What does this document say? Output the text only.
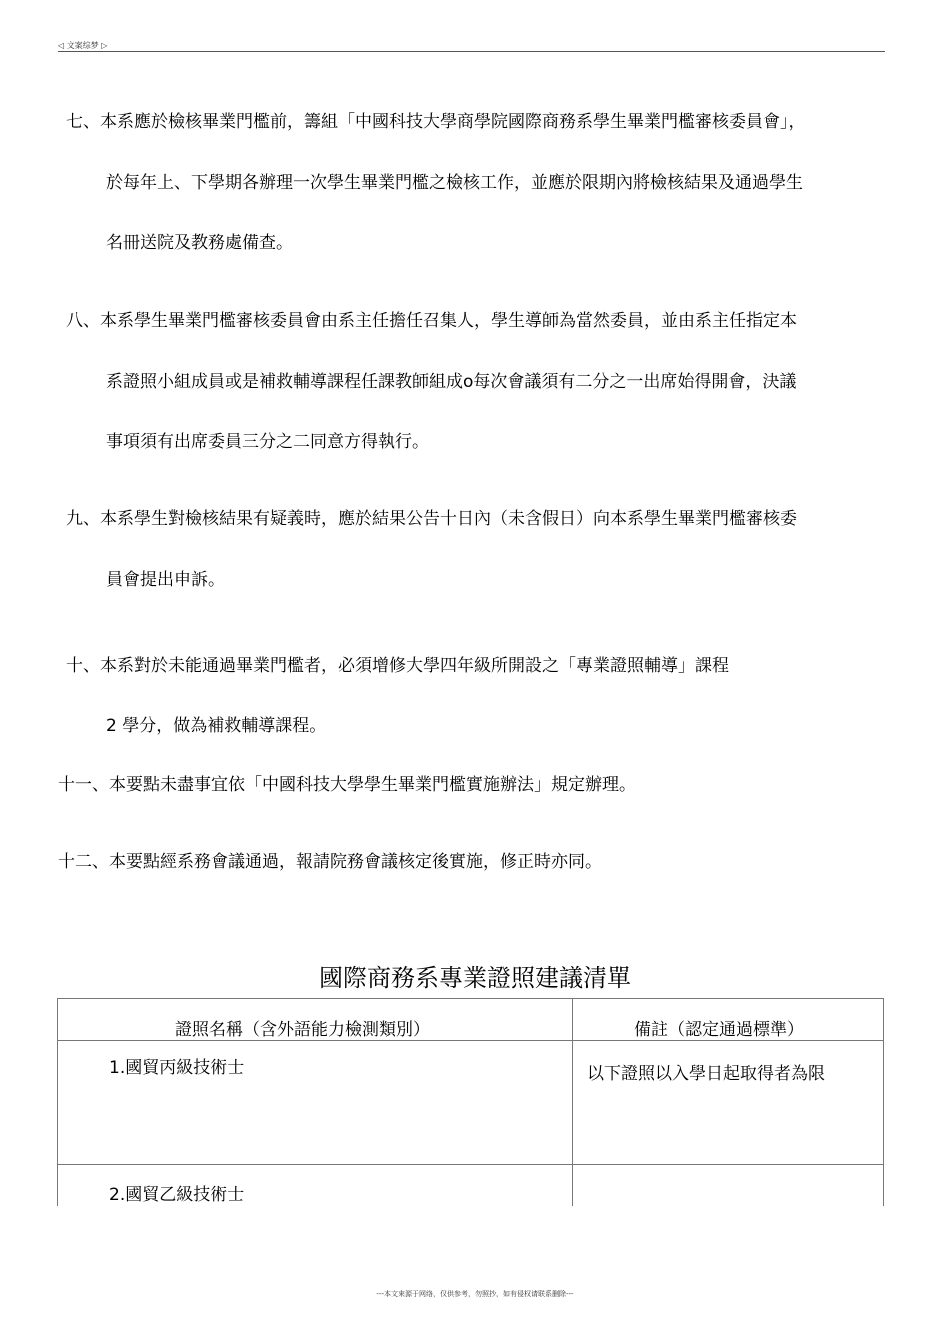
◁ 文案综梦 ▷
七、本系應於檢核畢業門檻前，籌組「中國科技大學商學院國際商務系學生畢業門檻審核委員會」，
於每年上、下學期各辦理一次學生畢業門檻之檢核工作，並應於限期內將檢核結果及通過學生
名冊送院及教務處備查。
八、本系學生畢業門檻審核委員會由系主任擔任召集人，學生導師為當然委員，並由系主任指定本
系證照小組成員或是補救輔導課程任課教師組成ο每次會議須有二分之一出席始得開會，決議
事項須有出席委員三分之二同意方得執行。
九、本系學生對檢核結果有疑義時，應於結果公告十日內（未含假日）向本系學生畢業門檻審核委
員會提出申訴。
十、本系對於未能通過畢業門檻者，必須增修大學四年級所開設之「專業證照輔導」課程
2 學分，做為補救輔導課程。
十一、本要點未盡事宜依「中國科技大學學生畢業門檻實施辦法」規定辦理。
十二、本要點經系務會議通過，報請院務會議核定後實施，修正時亦同。
國際商務系專業證照建議清單
證照名稱（含外語能力檢測類別）	備註（認定通過標準）
1.國貿丙級技術士	以下證照以入學日起取得者為限
2.國貿乙級技術士
---本文來源于网络，仅供参考，勿照抄，如有侵权请联系删除---
